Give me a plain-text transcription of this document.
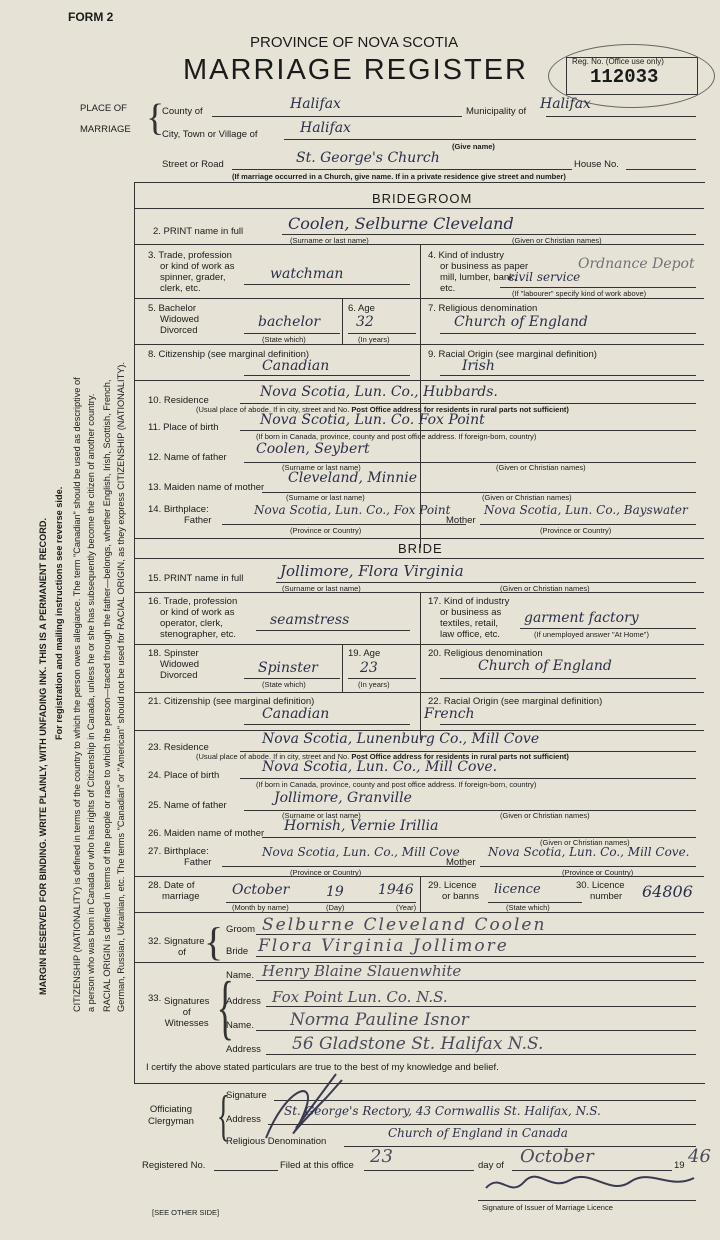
FORM 2
PROVINCE OF NOVA SCOTIA
MARRIAGE REGISTER	Reg. No. (Office use only)
112033
PLACE OF
MARRIAGE {
County of	Halifax	Municipality of Halifax
City, Town or Village of	Halifax
(Give name)
Street or Road	St. George's Church	House No.
(If marriage occurred in a Church, give name. If in a private residence give street and number)
BRIDEGROOM
2. PRINT name in full	Coolen, Selburne Cleveland
(Surname or last name)	(Given or Christian names)
3. Trade, profession
or kind of work as
spinner, grader,
clerk, etc.
watchman
4. Kind of industry
or business as paper
mill, lumber, bank,
etc.
civil service
Ordnance Depot
(If "labourer" specify kind of work above)
5. Bachelor
Widowed
Divorced
bachelor
(State which)
6. Age
32
(In years)
7. Religious denomination
Church of England
8. Citizenship (see marginal definition)
Canadian
9. Racial Origin (see marginal definition)
Irish
10. Residence
Nova Scotia, Lun. Co., Hubbards.
(Usual place of abode. If in city, street and No. Post Office address for residents in rural parts not sufficient)
11. Place of birth	Nova Scotia, Lun. Co. Fox Point
(If born in Canada, province, county and post office address. If foreign-born, country)
12. Name of father
Coolen, Seybert
(Surname or last name)	(Given or Christian names)
13. Maiden name of mother
Cleveland, Minnie
(Surname or last name)	(Given or Christian names)
14. Birthplace:
Father
Nova Scotia, Lun. Co., Fox Point
(Province or Country)
Mother
Nova Scotia, Lun. Co., Bayswater
(Province or Country)
BRIDE
15. PRINT name in full Jollimore, Flora Virginia
(Surname or last name)	(Given or Christian names)
16. Trade, profession
or kind of work as
operator, clerk,
stenographer, etc.
seamstress
17. Kind of industry
or business as
textiles, retail,
law office, etc.
garment factory
(If unemployed answer "At Home")
18. Spinster
Widowed
Divorced	Spinster
(State which)
19. Age
23
(In years)
20. Religious denomination
Church of England
21. Citizenship (see marginal definition)
Canadian
22. Racial Origin (see marginal definition)
French
23. Residence
Nova Scotia, Lunenburg Co., Mill Cove
(Usual place of abode. If in city, street and No. Post Office address for residents in rural parts not sufficient)
24. Place of birth
Nova Scotia, Lun. Co., Mill Cove.
(If born in Canada, province, county and post office address. If foreign-born, country)
25. Name of father	Jollimore, Granville
(Surname or last name)	(Given or Christian names)
26. Maiden name of mother Hornish, Vernie Irillia
(Given or Christian names)
27. Birthplace:
Father
Nova Scotia, Lun. Co., Mill Cove
(Province or Country)
Mother
Nova Scotia, Lun. Co., Mill Cove.
(Province or Country)
28. Date of
marriage October	19 1946
(Month by name)	(Day)	(Year)
29. Licence
or banns licence
(State which)
30. Licence
number 64806
32. Signature
of { Groom Selburne Cleveland Coolen
Bride Flora Virginia Jollimore
33. Signatures
of
Witnesses {
Name. Henry Blaine Slauenwhite
Address Fox Point Lun. Co. N.S.
Name. Norma Pauline Isnor
Address 56 Gladstone St. Halifax N.S.
I certify the above stated particulars are true to the best of my knowledge and belief.
Officiating
Clergyman {
Signature
Address
St. George's Rectory, 43 Cornwallis St. Halifax, N.S.
Religious Denomination
Church of England in Canada
Registered No.	Filed at this office 23	day of October	19 46
Signature of Issuer of Marriage Licence
[SEE OTHER SIDE]
MARGIN RESERVED FOR BINDING. WRITE PLAINLY, WITH UNFADING INK. THIS IS A PERMANENT RECORD. For registration and mailing instructions see reverse side. CITIZENSHIP (NATIONALITY) is defined in terms of the country to which the person owes allegiance. The term "Canadian" should be used as descriptive of a person who was born in Canada or who has rights of Citizenship in Canada, unless he or she has subsequently become the citizen of another country. RACIAL ORIGIN is defined in terms of the people or race to which the person—traced through the father—belongs, whether English, Irish, Scottish, French, German, Russian, Ukrainian, etc. The terms "Canadian" or "American" should not be used for RACIAL ORIGIN, as they express CITIZENSHIP (NATIONALITY).
